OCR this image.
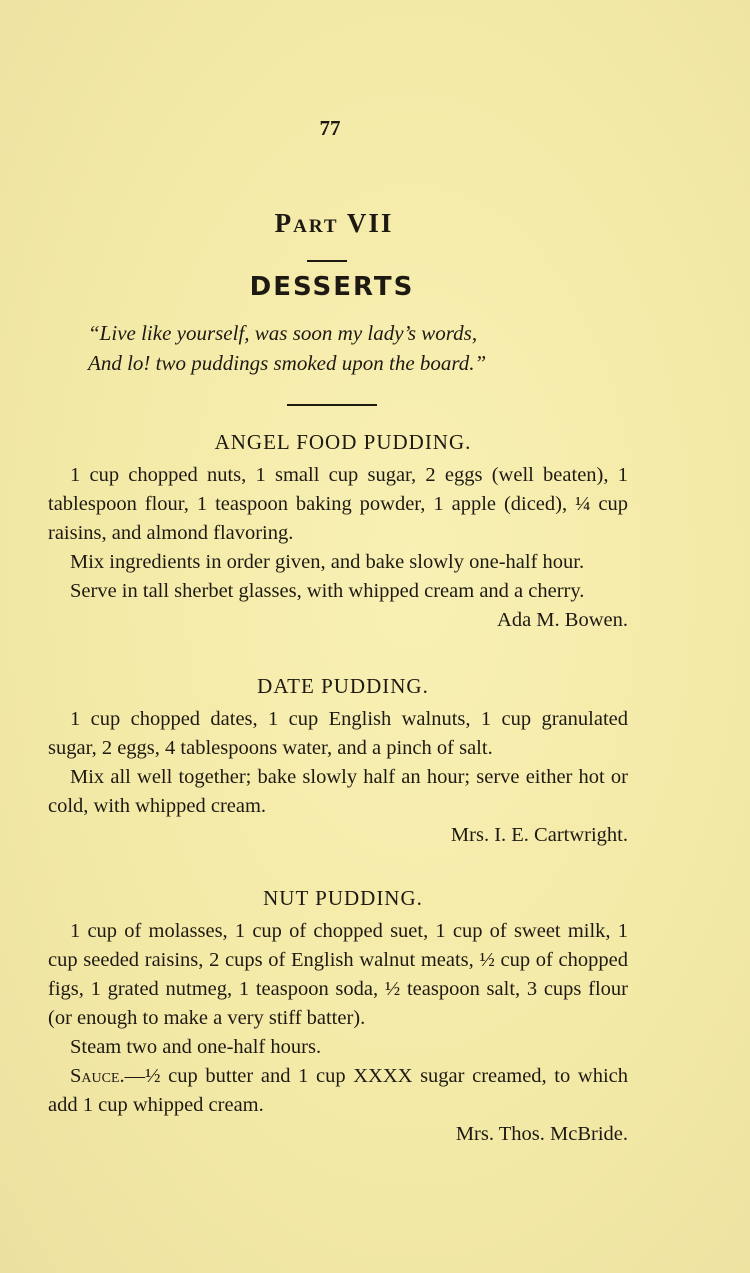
77
Part VII
DESSERTS
“Live like yourself, was soon my lady’s words,
And lo! two puddings smoked upon the board.”
ANGEL FOOD PUDDING.

1 cup chopped nuts, 1 small cup sugar, 2 eggs (well beaten), 1 tablespoon flour, 1 teaspoon baking powder, 1 apple (diced), ¼ cup raisins, and almond flavoring.

Mix ingredients in order given, and bake slowly one-half hour.

Serve in tall sherbet glasses, with whipped cream and a cherry.
Ada M. Bowen.

DATE PUDDING.

1 cup chopped dates, 1 cup English walnuts, 1 cup granulated sugar, 2 eggs, 4 tablespoons water, and a pinch of salt.

Mix all well together; bake slowly half an hour; serve either hot or cold, with whipped cream.

Mrs. I. E. Cartwright.

NUT PUDDING.

1 cup of molasses, 1 cup of chopped suet, 1 cup of sweet milk, 1 cup seeded raisins, 2 cups of English walnut meats, ½ cup of chopped figs, 1 grated nutmeg, 1 teaspoon soda, ½ teaspoon salt, 3 cups flour (or enough to make a very stiff batter).

Steam two and one-half hours.

Sauce.—½ cup butter and 1 cup XXXX sugar creamed, to which add 1 cup whipped cream.

Mrs. Thos. McBride.
